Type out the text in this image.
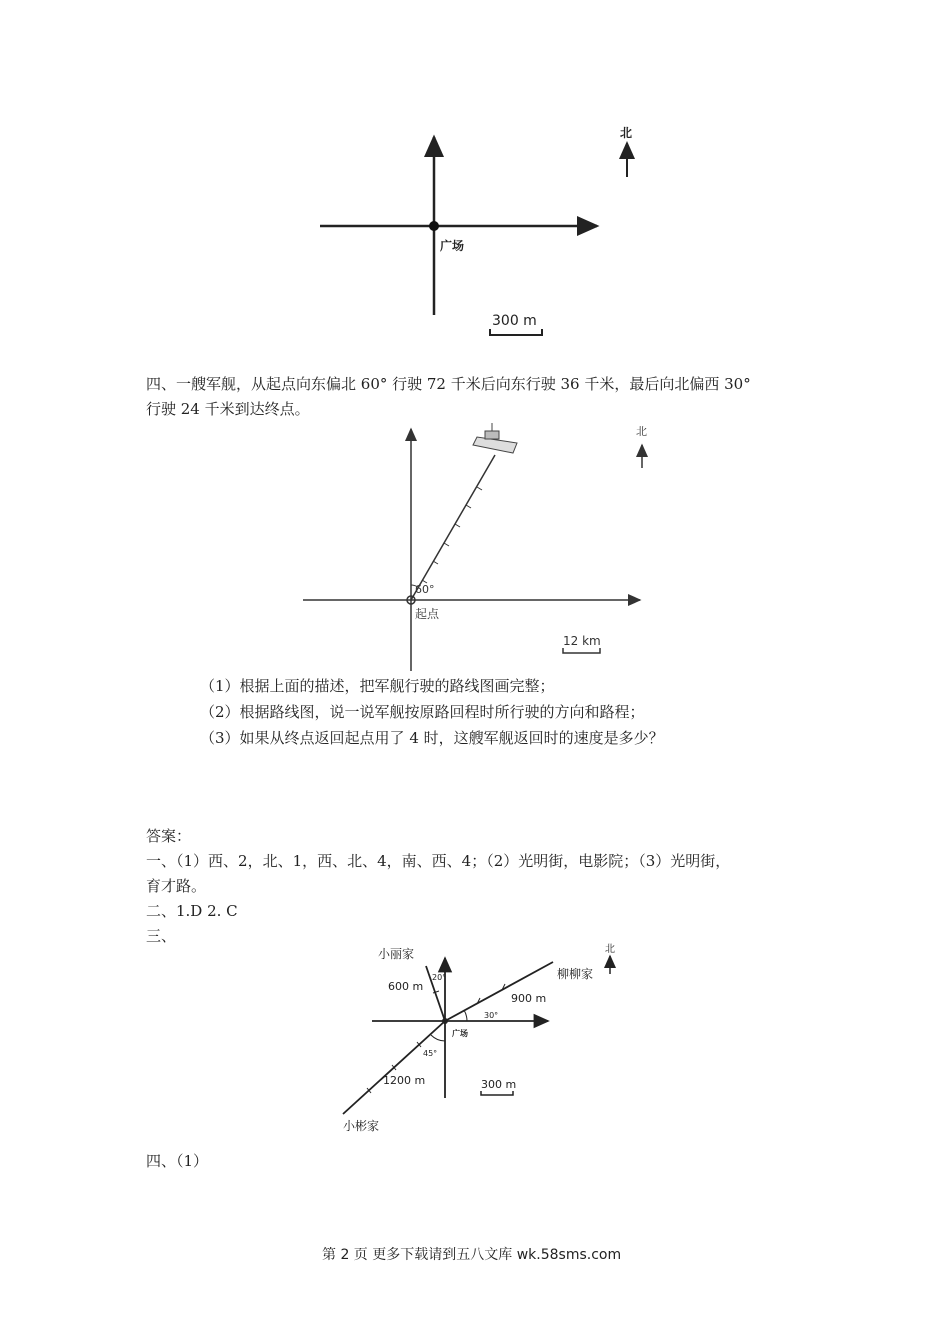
广场
北
300 m
四、一艘军舰，从起点向东偏北 60° 行驶 72 千米后向东行驶 36 千米，最后向北偏西 30°
行驶 24 千米到达终点。
60°
起点
北
12 km
（1）根据上面的描述，把军舰行驶的路线图画完整；
（2）根据路线图，说一说军舰按原路回程时所行驶的方向和路程；
（3）如果从终点返回起点用了 4 时，这艘军舰返回时的速度是多少？
答案：
一、（1）西、2，北、1，西、北、4，南、西、4；（2）光明街，电影院；（3）光明街，
育才路。
二、1.D 2. C
三、
小丽家
柳柳家
小彬家
广场
600 m
900 m
1200 m
20°
30°
45°
北
300 m
四、（1）
第 2 页 更多下载请到五八文库 wk.58sms.com
